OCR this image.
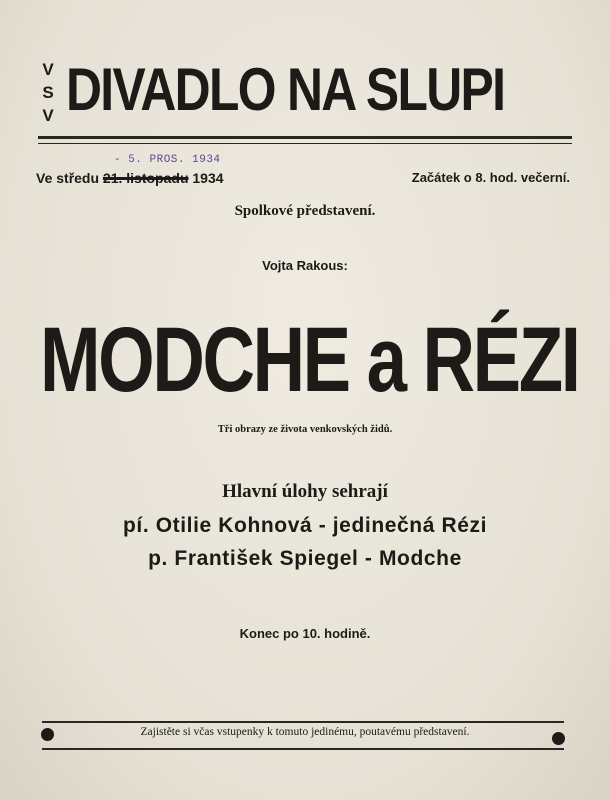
V
S
V DIVADLO NA SLUPI
- 5. PROS. 1934
Ve středu 21. listopadu 1934	Začátek o 8. hod. večerní.
Spolkové představení.
Vojta Rakous:
MODCHE a RÉZI
Tři obrazy ze života venkovských židů.
Hlavní úlohy sehrají
pí. Otilie Kohnová - jedinečná Rézi
p. František Spiegel - Modche
Konec po 10. hodině.
Zajistěte si včas vstupenky k tomuto jedinému, poutavému představení.
